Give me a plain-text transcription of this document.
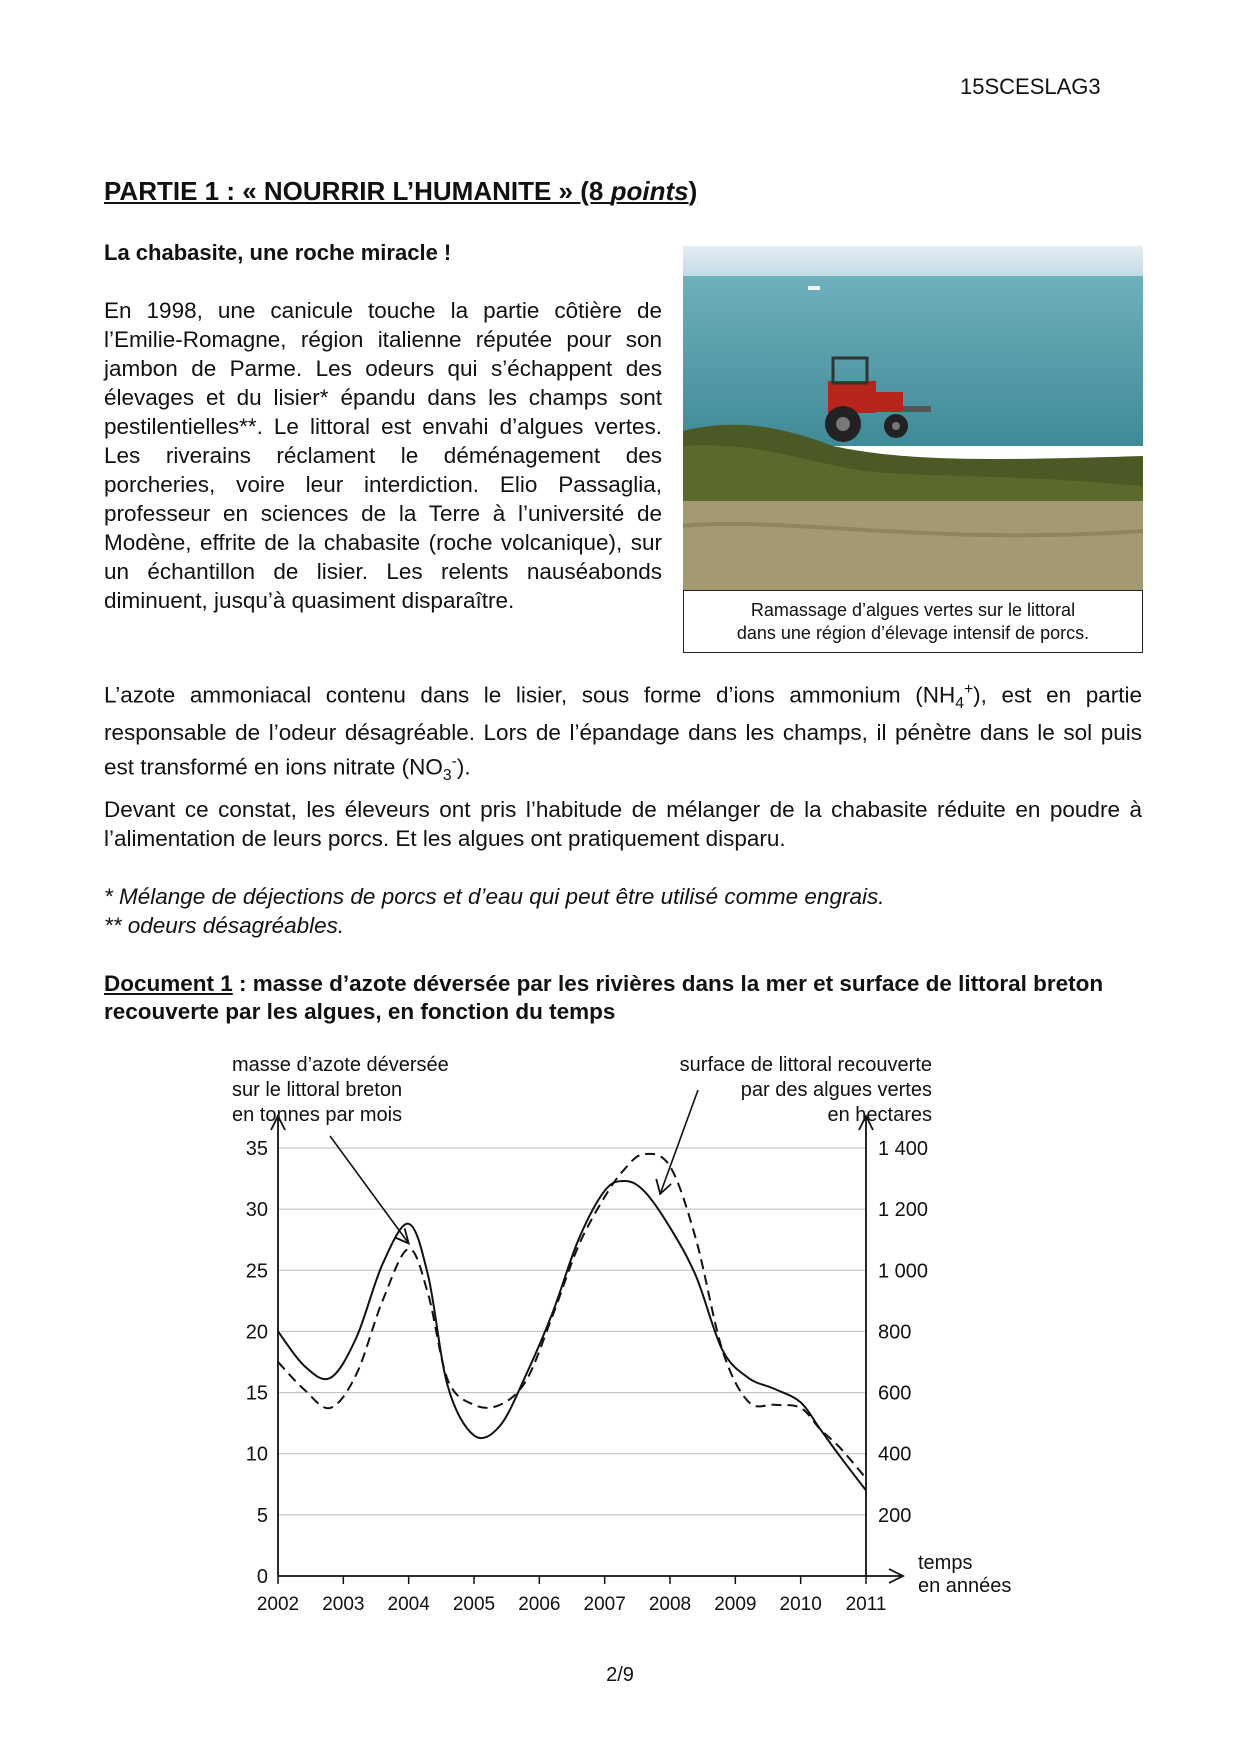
15SCESLAG3
PARTIE 1 : « NOURRIR L’HUMANITE » (8 points)
La chabasite, une roche miracle !

En 1998, une canicule touche la partie côtière de l’Emilie-Romagne, région italienne réputée pour son jambon de Parme. Les odeurs qui s’échappent des élevages et du lisier* épandu dans les champs sont pestilentielles**. Le littoral est envahi d’algues vertes. Les riverains réclament le déménagement des porcheries, voire leur interdiction. Elio Passaglia, professeur en sciences de la Terre à l’université de Modène, effrite de la chabasite (roche volcanique), sur un échantillon de lisier. Les relents nauséabonds diminuent, jusqu’à quasiment disparaître.	Ramassage d’algues vertes sur le littoral
dans une région d’élevage intensif de porcs.

L’azote ammoniacal contenu dans le lisier, sous forme d’ions ammonium $(NH_4^+)$, est en partie responsable de l’odeur désagréable. Lors de l’épandage dans les champs, il pénètre dans le sol puis est transformé en ions nitrate $(NO_3^-)$.

Devant ce constat, les éleveurs ont pris l’habitude de mélanger de la chabasite réduite en poudre à l’alimentation de leurs porcs. Et les algues ont pratiquement disparu.

* Mélange de déjections de porcs et d’eau qui peut être utilisé comme engrais.
** odeurs désagréables.

Document 1 : masse d’azote déversée par les rivières dans la mer et surface de littoral breton recouverte par les algues, en fonction du temps

0
5
10
15
20
25
30
35
200
400
600
800
1 000
1 200
1 400
2002 2003 2004 2005 2006 2007 2008 2009 2010 2011
masse d’azote déversée
sur le littoral breton
en tonnes par mois
surface de littoral recouverte
par des algues vertes
en hectares
temps
en années
2/9
